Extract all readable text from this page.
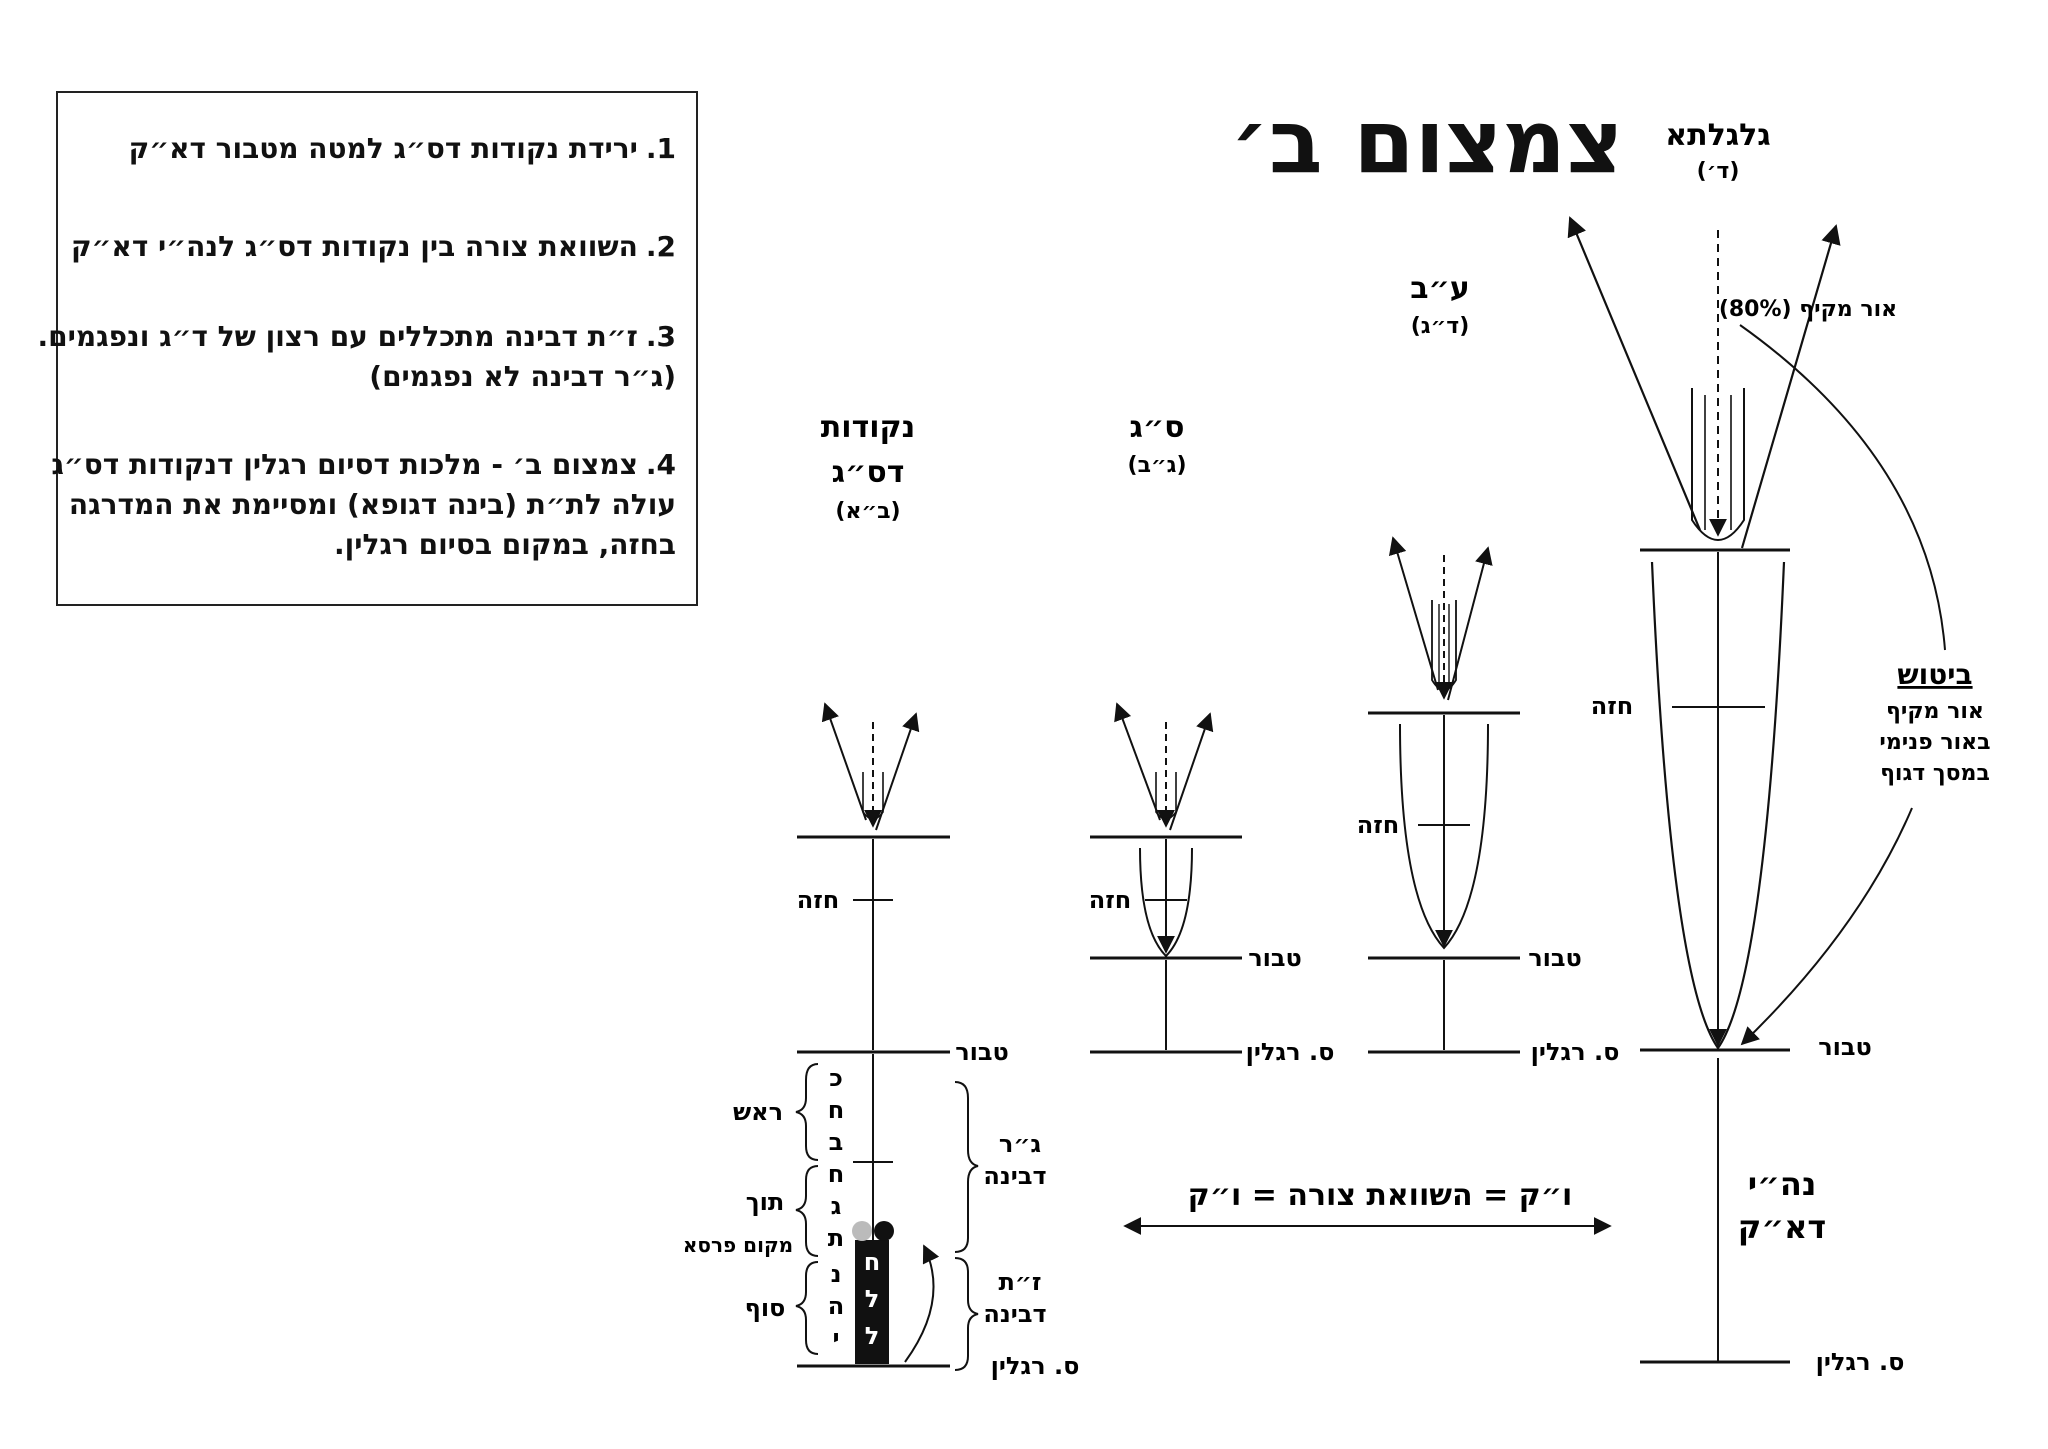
צמצום ב׳ גלגלתא
(ד׳)
חזה
טבור
ס. רגלין
נה״י
דא״ק
אור מקיף (80%)
ביטוש
אור מקיף
באור פנימי
במסך דגוף
ע״ב
(ד״ג)
חזה
טבור
ס. רגלין
ס״ג
(ג״ב)
חזה
טבור
ס. רגלין
נקודות
דס״ג
(ב״א)
חזה
טבור
ח
ל
ל
ס. רגלין
כ
ח
ב
ח
ג
ת
נ
ה
י
ראש
תוך
מקום פרסא
סוף
ג״ר
דבינה
ז״ת
דבינה
ו״ק = השוואת צורה = ו״ק
1.ירידת נקודות דס״ג למטה מטבור דא״ק
2.השוואת צורה בין נקודות דס״ג לנה״י דא״ק
3.ז״ת דבינה מתכללים עם רצון של ד״ג ונפגמים.
(ג״ר דבינה לא נפגמים)
4.צמצום ב׳ - מלכות דסיום רגלין דנקודות דס״ג
עולה לת״ת (בינה דגופא) ומסיימת את המדרגה
בחזה, במקום בסיום רגלין.
